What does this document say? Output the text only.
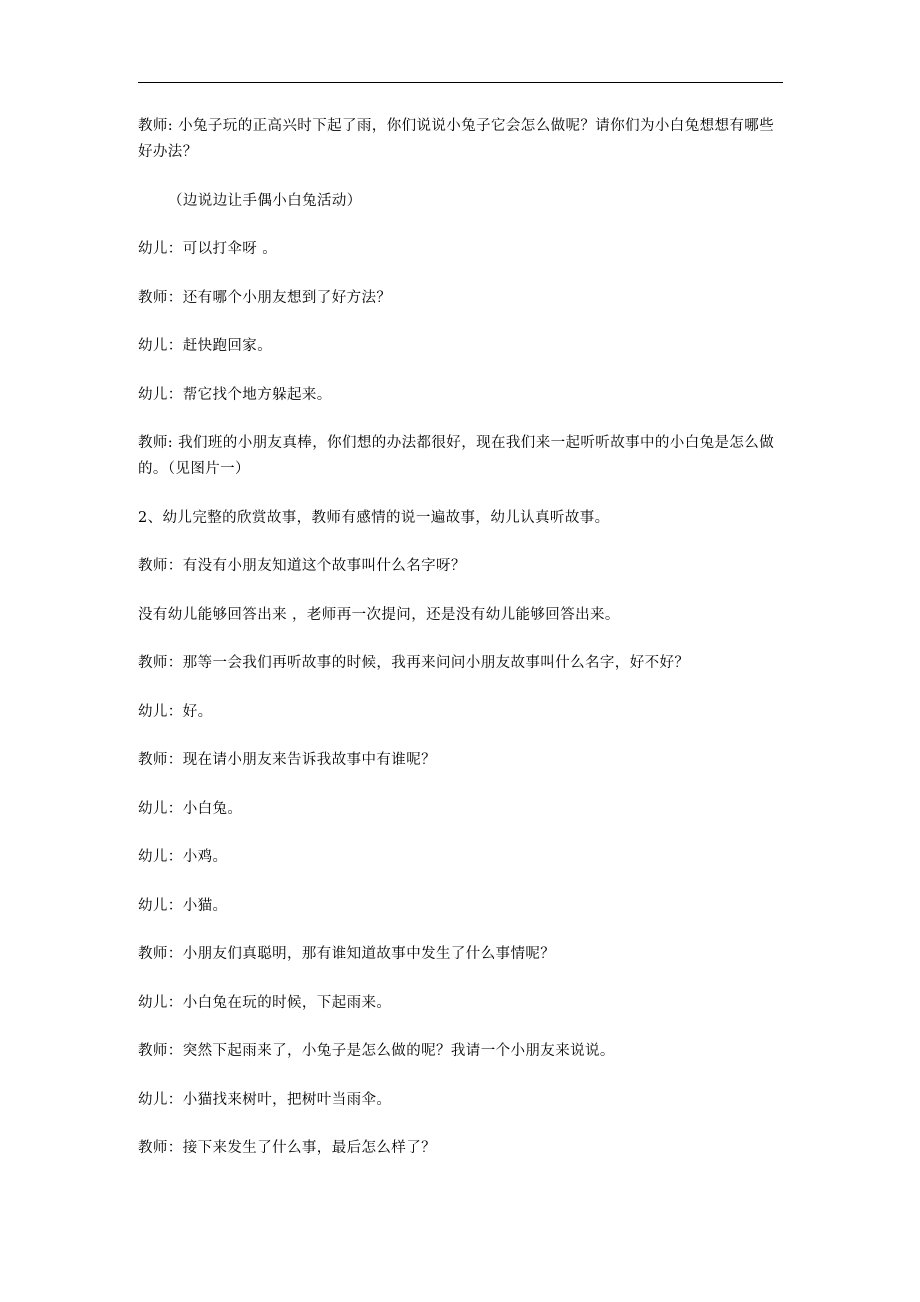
教师: 小兔子玩的正高兴时下起了雨，你们说说小兔子它会怎么做呢？请你们为小白兔想想有哪些好办法？

（边说边让手偶小白兔活动）

幼儿：可以打伞呀 。

教师：还有哪个小朋友想到了好方法？

幼儿：赶快跑回家。

幼儿：帮它找个地方躲起来。

教师: 我们班的小朋友真棒，你们想的办法都很好，现在我们来一起听听故事中的小白兔是怎么做的。（见图片一）

2、幼儿完整的欣赏故事，教师有感情的说一遍故事，幼儿认真听故事。

教师：有没有小朋友知道这个故事叫什么名字呀？

没有幼儿能够回答出来 ，老师再一次提问，还是没有幼儿能够回答出来。

教师：那等一会我们再听故事的时候，我再来问问小朋友故事叫什么名字，好不好？

幼儿：好。

教师：现在请小朋友来告诉我故事中有谁呢？

幼儿：小白兔。

幼儿：小鸡。

幼儿：小猫。

教师：小朋友们真聪明，那有谁知道故事中发生了什么事情呢？

幼儿：小白兔在玩的时候，下起雨来。

教师：突然下起雨来了，小兔子是怎么做的呢？我请一个小朋友来说说。

幼儿：小猫找来树叶，把树叶当雨伞。

教师：接下来发生了什么事，最后怎么样了？
